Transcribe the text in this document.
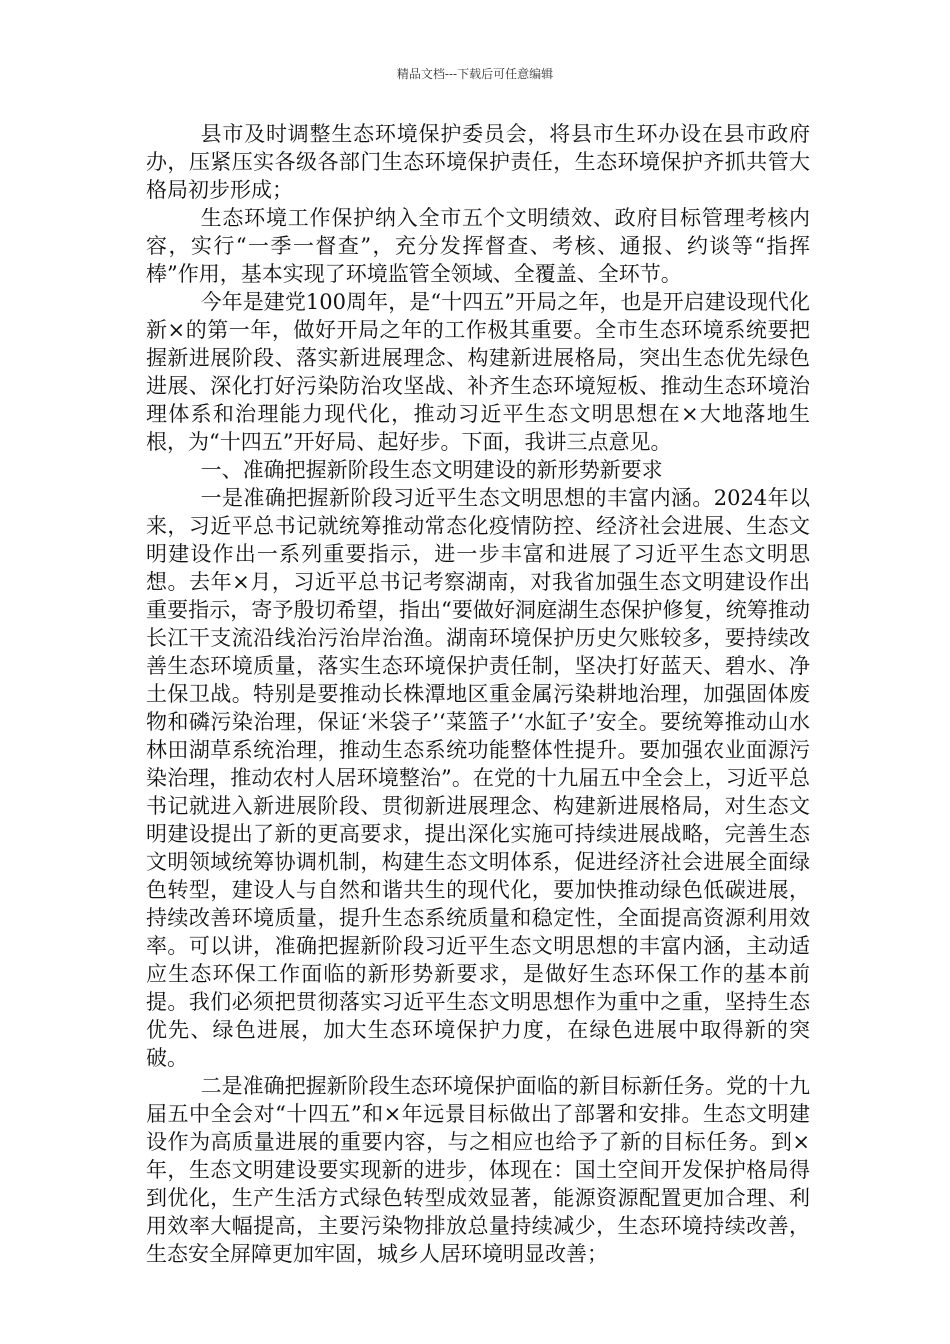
精品文档---下载后可任意编辑

县市及时调整生态环境保护委员会，将县市生环办设在县市政府办，压紧压实各级各部门生态环境保护责任，生态环境保护齐抓共管大格局初步形成；

生态环境工作保护纳入全市五个文明绩效、政府目标管理考核内容，实行“一季一督查”，充分发挥督查、考核、通报、约谈等“指挥棒”作用，基本实现了环境监管全领域、全覆盖、全环节。

今年是建党100周年，是“十四五”开局之年，也是开启建设现代化新×的第一年，做好开局之年的工作极其重要。全市生态环境系统要把握新进展阶段、落实新进展理念、构建新进展格局，突出生态优先绿色进展、深化打好污染防治攻坚战、补齐生态环境短板、推动生态环境治理体系和治理能力现代化，推动习近平生态文明思想在×大地落地生根，为“十四五”开好局、起好步。下面，我讲三点意见。

一、准确把握新阶段生态文明建设的新形势新要求

一是准确把握新阶段习近平生态文明思想的丰富内涵。2024年以来，习近平总书记就统筹推动常态化疫情防控、经济社会进展、生态文明建设作出一系列重要指示，进一步丰富和进展了习近平生态文明思想。去年×月，习近平总书记考察湖南，对我省加强生态文明建设作出重要指示，寄予殷切希望，指出“要做好洞庭湖生态保护修复，统筹推动长江干支流沿线治污治岸治渔。湖南环境保护历史欠账较多，要持续改善生态环境质量，落实生态环境保护责任制，坚决打好蓝天、碧水、净土保卫战。特别是要推动长株潭地区重金属污染耕地治理，加强固体废物和磷污染治理，保证‘米袋子’‘菜篮子’‘水缸子’安全。要统筹推动山水林田湖草系统治理，推动生态系统功能整体性提升。要加强农业面源污染治理，推动农村人居环境整治”。在党的十九届五中全会上，习近平总书记就进入新进展阶段、贯彻新进展理念、构建新进展格局，对生态文明建设提出了新的更高要求，提出深化实施可持续进展战略，完善生态文明领域统筹协调机制，构建生态文明体系，促进经济社会进展全面绿色转型，建设人与自然和谐共生的现代化，要加快推动绿色低碳进展，持续改善环境质量，提升生态系统质量和稳定性，全面提高资源利用效率。可以讲，准确把握新阶段习近平生态文明思想的丰富内涵，主动适应生态环保工作面临的新形势新要求，是做好生态环保工作的基本前提。我们必须把贯彻落实习近平生态文明思想作为重中之重，坚持生态优先、绿色进展，加大生态环境保护力度，在绿色进展中取得新的突破。

二是准确把握新阶段生态环境保护面临的新目标新任务。党的十九届五中全会对“十四五”和×年远景目标做出了部署和安排。生态文明建设作为高质量进展的重要内容，与之相应也给予了新的目标任务。到×年，生态文明建设要实现新的进步，体现在：国土空间开发保护格局得到优化，生产生活方式绿色转型成效显著，能源资源配置更加合理、利用效率大幅提高，主要污染物排放总量持续减少，生态环境持续改善，生态安全屏障更加牢固，城乡人居环境明显改善；
